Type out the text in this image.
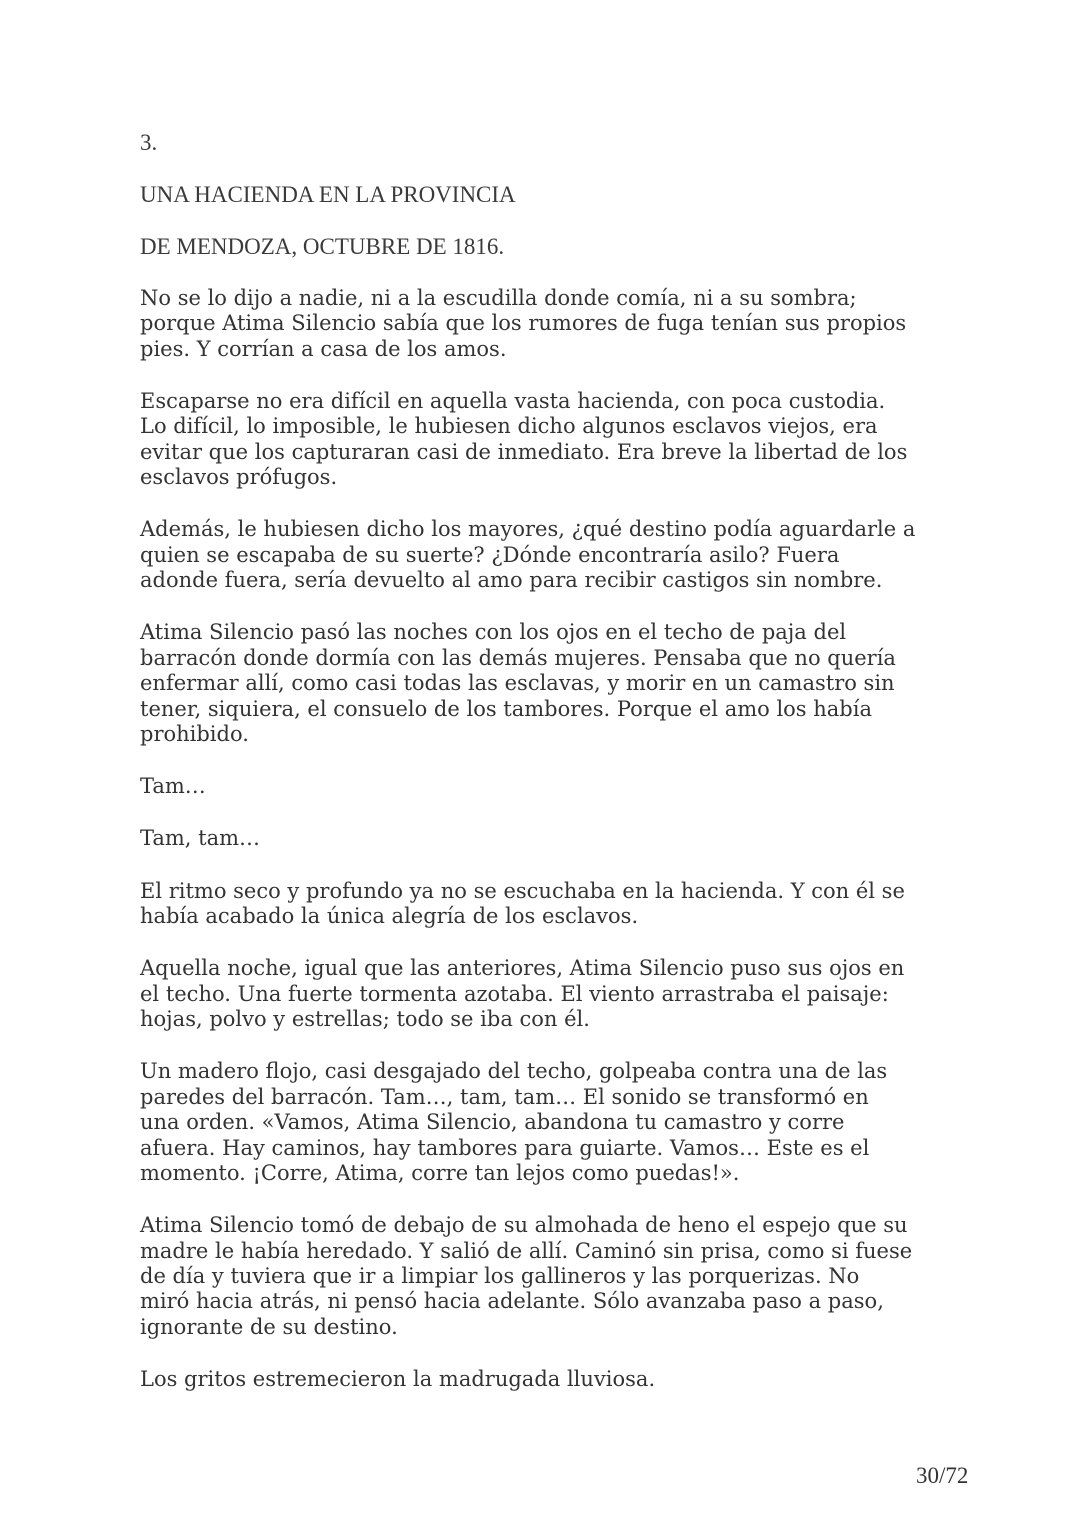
3.
UNA HACIENDA EN LA PROVINCIA
DE MENDOZA, OCTUBRE DE 1816.

No se lo dijo a nadie, ni a la escudilla donde comía, ni a su sombra;
porque Atima Silencio sabía que los rumores de fuga tenían sus propios
pies. Y corrían a casa de los amos.

Escaparse no era difícil en aquella vasta hacienda, con poca custodia.
Lo difícil, lo imposible, le hubiesen dicho algunos esclavos viejos, era
evitar que los capturaran casi de inmediato. Era breve la libertad de los
esclavos prófugos.

Además, le hubiesen dicho los mayores, ¿qué destino podía aguardarle a
quien se escapaba de su suerte? ¿Dónde encontraría asilo? Fuera
adonde fuera, sería devuelto al amo para recibir castigos sin nombre.

Atima Silencio pasó las noches con los ojos en el techo de paja del
barracón donde dormía con las demás mujeres. Pensaba que no quería
enfermar allí, como casi todas las esclavas, y morir en un camastro sin
tener, siquiera, el consuelo de los tambores. Porque el amo los había
prohibido.

Tam…

Tam, tam…

El ritmo seco y profundo ya no se escuchaba en la hacienda. Y con él se
había acabado la única alegría de los esclavos.

Aquella noche, igual que las anteriores, Atima Silencio puso sus ojos en
el techo. Una fuerte tormenta azotaba. El viento arrastraba el paisaje:
hojas, polvo y estrellas; todo se iba con él.

Un madero flojo, casi desgajado del techo, golpeaba contra una de las
paredes del barracón. Tam…, tam, tam… El sonido se transformó en
una orden. «Vamos, Atima Silencio, abandona tu camastro y corre
afuera. Hay caminos, hay tambores para guiarte. Vamos… Este es el
momento. ¡Corre, Atima, corre tan lejos como puedas!».

Atima Silencio tomó de debajo de su almohada de heno el espejo que su
madre le había heredado. Y salió de allí. Caminó sin prisa, como si fuese
de día y tuviera que ir a limpiar los gallineros y las porquerizas. No
miró hacia atrás, ni pensó hacia adelante. Sólo avanzaba paso a paso,
ignorante de su destino.

Los gritos estremecieron la madrugada lluviosa.

30/72
